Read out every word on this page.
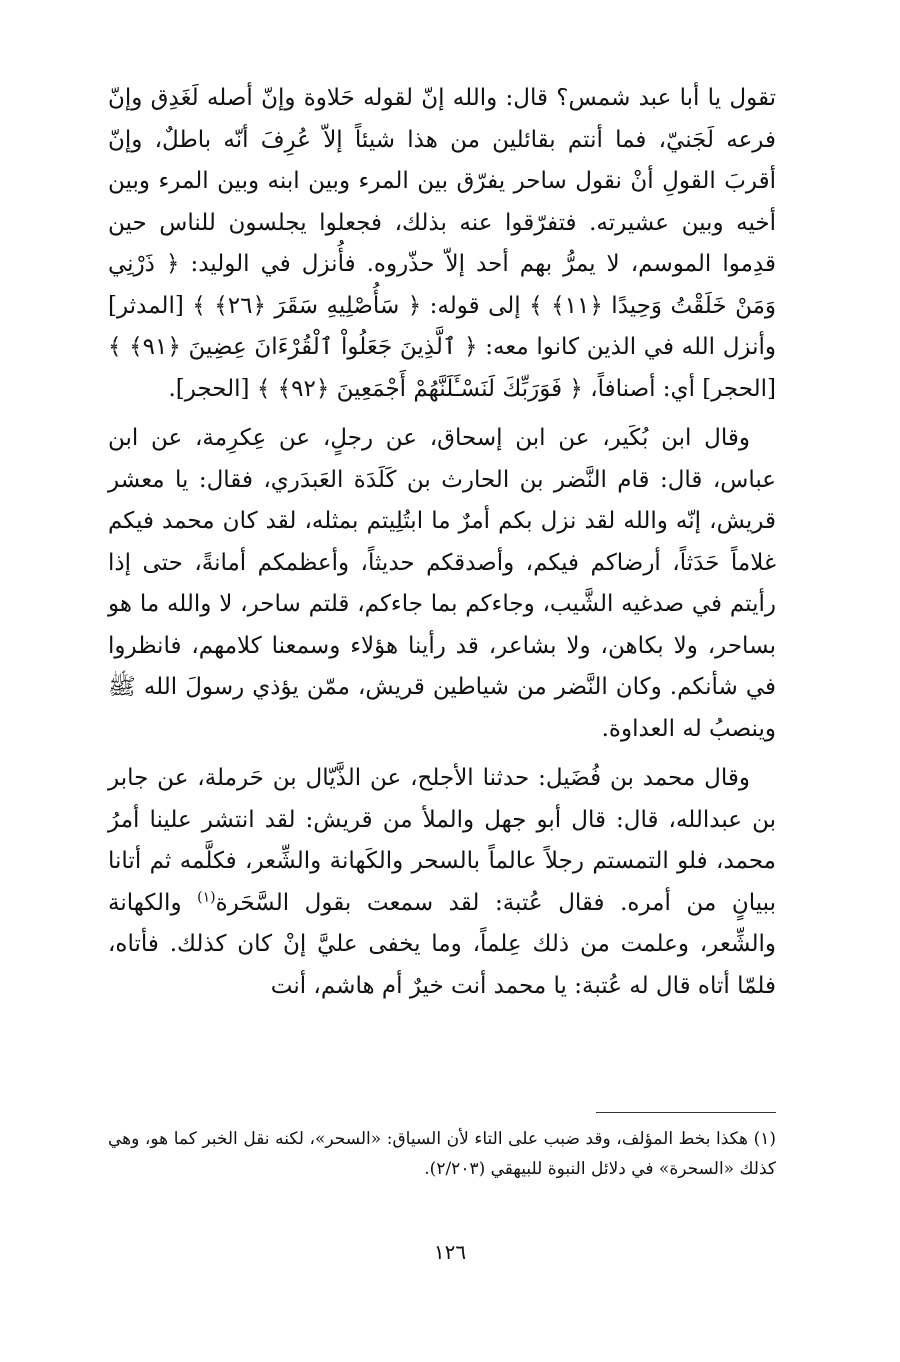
تقول يا أبا عبد شمس؟ قال: والله إنّ لقوله حَلاوة وإنّ أصله لَغَدِق وإنّ فرعه لَجَنيّ، فما أنتم بقائلين من هذا شيئاً إلاّ عُرِفَ أنّه باطلٌ، وإنّ أقربَ القولِ أنْ نقول ساحر يفرّق بين المرء وبين ابنه وبين المرء وبين أخيه وبين عشيرته. فتفرّقوا عنه بذلك، فجعلوا يجلسون للناس حين قدِموا الموسم، لا يمرُّ بهم أحد إلاّ حذّروه. فأُنزل في الوليد: ﴿ ذَرْنِي وَمَنْ خَلَقْتُ وَحِيدًا ﴿١١﴾ ﴾ إلى قوله: ﴿ سَأُصْلِيهِ سَقَرَ ﴿٢٦﴾ ﴾ [المدثر] وأنزل الله في الذين كانوا معه: ﴿ ٱلَّذِينَ جَعَلُواْ ٱلْقُرْءَانَ عِضِينَ ﴿٩١﴾ ﴾ [الحجر] أي: أصنافاً، ﴿ فَوَرَبِّكَ لَنَسْـَٔلَنَّهُمْ أَجْمَعِينَ ﴿٩٢﴾ ﴾ [الحجر].

وقال ابن بُكَير، عن ابن إسحاق، عن رجلٍ، عن عِكرِمة، عن ابن عباس، قال: قام النَّضر بن الحارث بن كَلَدَة العَبدَري، فقال: يا معشر قريش، إنّه والله لقد نزل بكم أمرٌ ما ابتُلِيتم بمثله، لقد كان محمد فيكم غلاماً حَدَثاً، أرضاكم فيكم، وأصدقكم حديثاً، وأعظمكم أمانةً، حتى إذا رأيتم في صدغيه الشَّيب، وجاءكم بما جاءكم، قلتم ساحر، لا والله ما هو بساحر، ولا بكاهن، ولا بشاعر، قد رأينا هؤلاء وسمعنا كلامهم، فانظروا في شأنكم. وكان النَّضر من شياطين قريش، ممّن يؤذي رسولَ الله ﷺ وينصبُ له العداوة.

وقال محمد بن فُضَيل: حدثنا الأجلح، عن الذَّيّال بن حَرملة، عن جابر بن عبدالله، قال: قال أبو جهل والملأ من قريش: لقد انتشر علينا أمرُ محمد، فلو التمستم رجلاً عالماً بالسحر والكَهانة والشِّعر، فكلَّمه ثم أتانا ببيانٍ من أمره. فقال عُتبة: لقد سمعت بقول السَّحَرة$^{(١)}$ والكهانة والشِّعر، وعلمت من ذلك عِلماً، وما يخفى عليَّ إنْ كان كذلك. فأتاه، فلمّا أتاه قال له عُتبة: يا محمد أنت خيرٌ أم هاشم، أنت

(١) هكذا بخط المؤلف، وقد ضبب على التاء لأن السياق: «السحر»، لكنه نقل الخبر كما هو، وهي كذلك «السحرة» في دلائل النبوة للبيهقي (٢/٢٠٣).

١٢٦
